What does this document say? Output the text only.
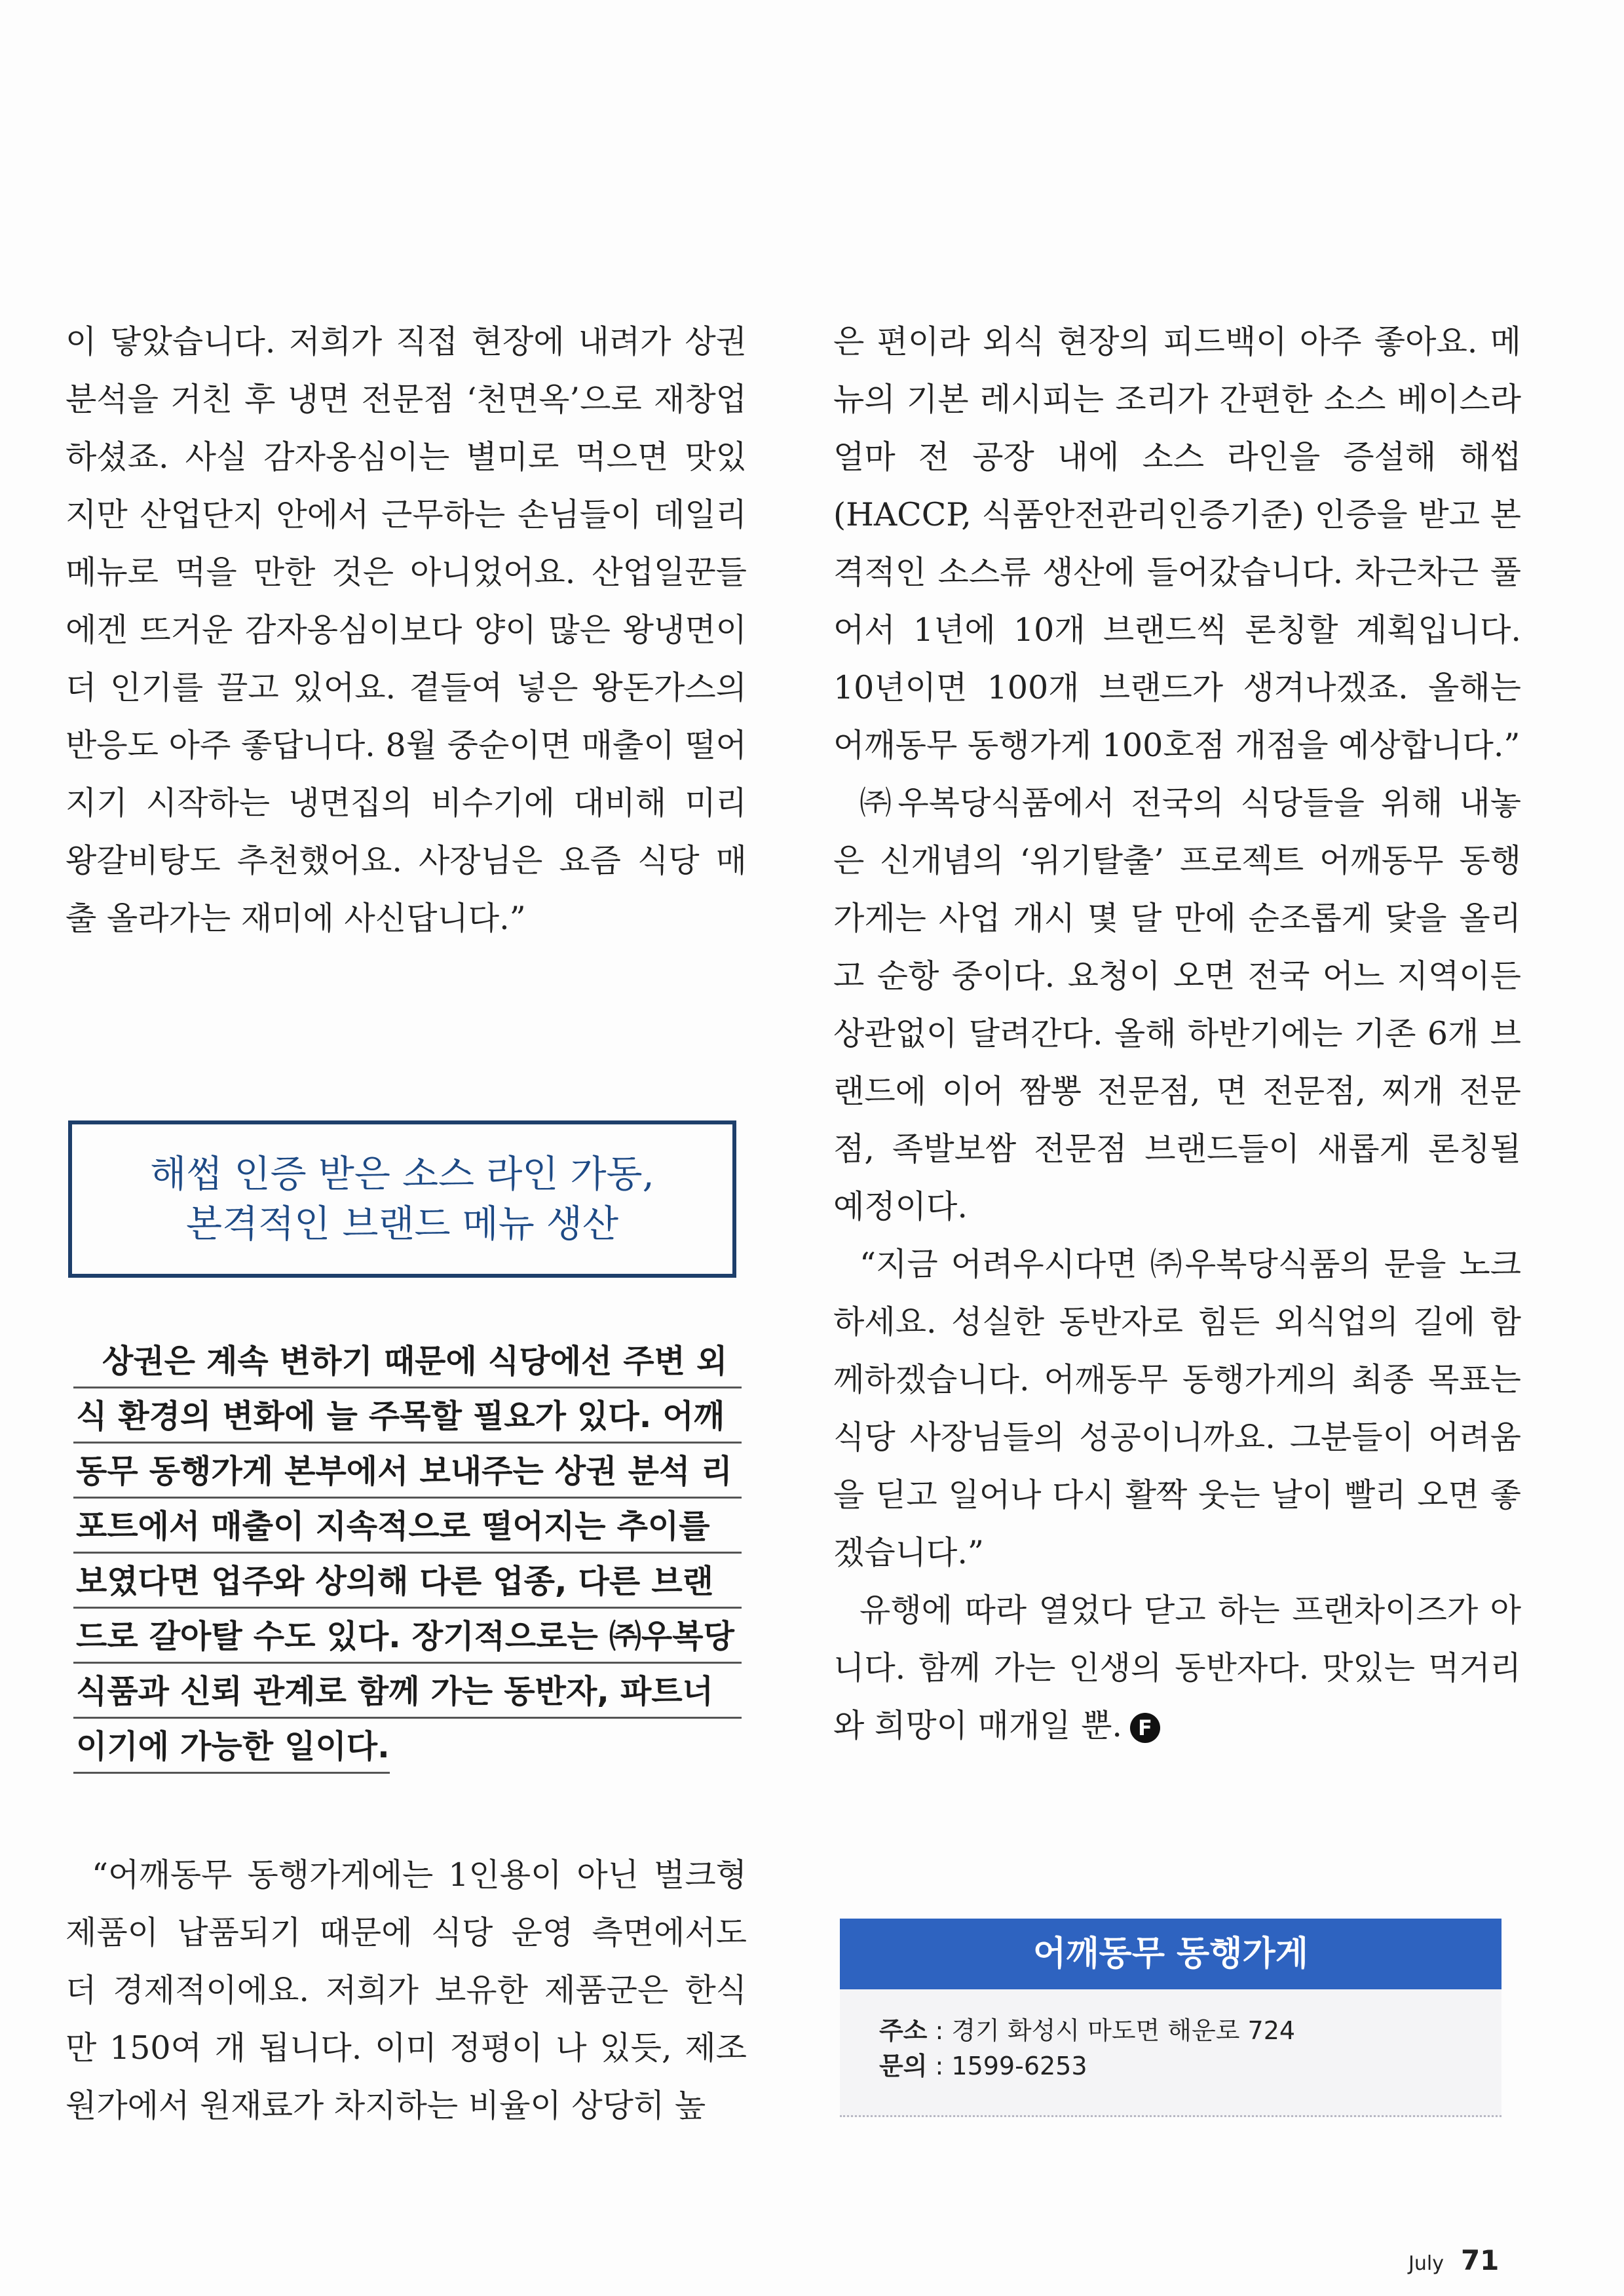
이 닿았습니다. 저희가 직접 현장에 내려가 상권 분석을 거친 후 냉면 전문점 ‘천면옥’으로 재창업하셨죠. 사실 감자옹심이는 별미로 먹으면 맛있지만 산업단지 안에서 근무하는 손님들이 데일리 메뉴로 먹을 만한 것은 아니었어요. 산업일꾼들에겐 뜨거운 감자옹심이보다 양이 많은 왕냉면이 더 인기를 끌고 있어요. 곁들여 넣은 왕돈가스의 반응도 아주 좋답니다. 8월 중순이면 매출이 떨어지기 시작하는 냉면집의 비수기에 대비해 미리 왕갈비탕도 추천했어요. 사장님은 요즘 식당 매출 올라가는 재미에 사신답니다.”

해썹 인증 받은 소스 라인 가동,
본격적인 브랜드 메뉴 생산
상권은 계속 변하기 때문에 식당에선 주변 외
식 환경의 변화에 늘 주목할 필요가 있다. 어깨
동무 동행가게 본부에서 보내주는 상권 분석 리
포트에서 매출이 지속적으로 떨어지는 추이를
보였다면 업주와 상의해 다른 업종, 다른 브랜
드로 갈아탈 수도 있다. 장기적으로는 ㈜우복당
식품과 신뢰 관계로 함께 가는 동반자, 파트너
이기에 가능한 일이다.

“어깨동무 동행가게에는 1인용이 아닌 벌크형 제품이 납품되기 때문에 식당 운영 측면에서도 더 경제적이에요. 저희가 보유한 제품군은 한식만 150여 개 됩니다. 이미 정평이 나 있듯, 제조원가에서 원재료가 차지하는 비율이 상당히 높

은 편이라 외식 현장의 피드백이 아주 좋아요. 메뉴의 기본 레시피는 조리가 간편한 소스 베이스라 얼마 전 공장 내에 소스 라인을 증설해 해썹(HACCP, 식품안전관리인증기준) 인증을 받고 본격적인 소스류 생산에 들어갔습니다. 차근차근 풀어서 1년에 10개 브랜드씩 론칭할 계획입니다. 10년이면 100개 브랜드가 생겨나겠죠. 올해는 어깨동무 동행가게 100호점 개점을 예상합니다.”

㈜우복당식품에서 전국의 식당들을 위해 내놓은 신개념의 ‘위기탈출’ 프로젝트 어깨동무 동행가게는 사업 개시 몇 달 만에 순조롭게 닻을 올리고 순항 중이다. 요청이 오면 전국 어느 지역이든 상관없이 달려간다. 올해 하반기에는 기존 6개 브랜드에 이어 짬뽕 전문점, 면 전문점, 찌개 전문점, 족발보쌈 전문점 브랜드들이 새롭게 론칭될 예정이다.

“지금 어려우시다면 ㈜우복당식품의 문을 노크하세요. 성실한 동반자로 힘든 외식업의 길에 함께하겠습니다. 어깨동무 동행가게의 최종 목표는 식당 사장님들의 성공이니까요. 그분들이 어려움을 딛고 일어나 다시 활짝 웃는 날이 빨리 오면 좋겠습니다.”

유행에 따라 열었다 닫고 하는 프랜차이즈가 아니다. 함께 가는 인생의 동반자다. 맛있는 먹거리와 희망이 매개일 뿐. F

어깨동무 동행가게
주소 : 경기 화성시 마도면 해운로 724
문의 : 1599-6253
July 71
